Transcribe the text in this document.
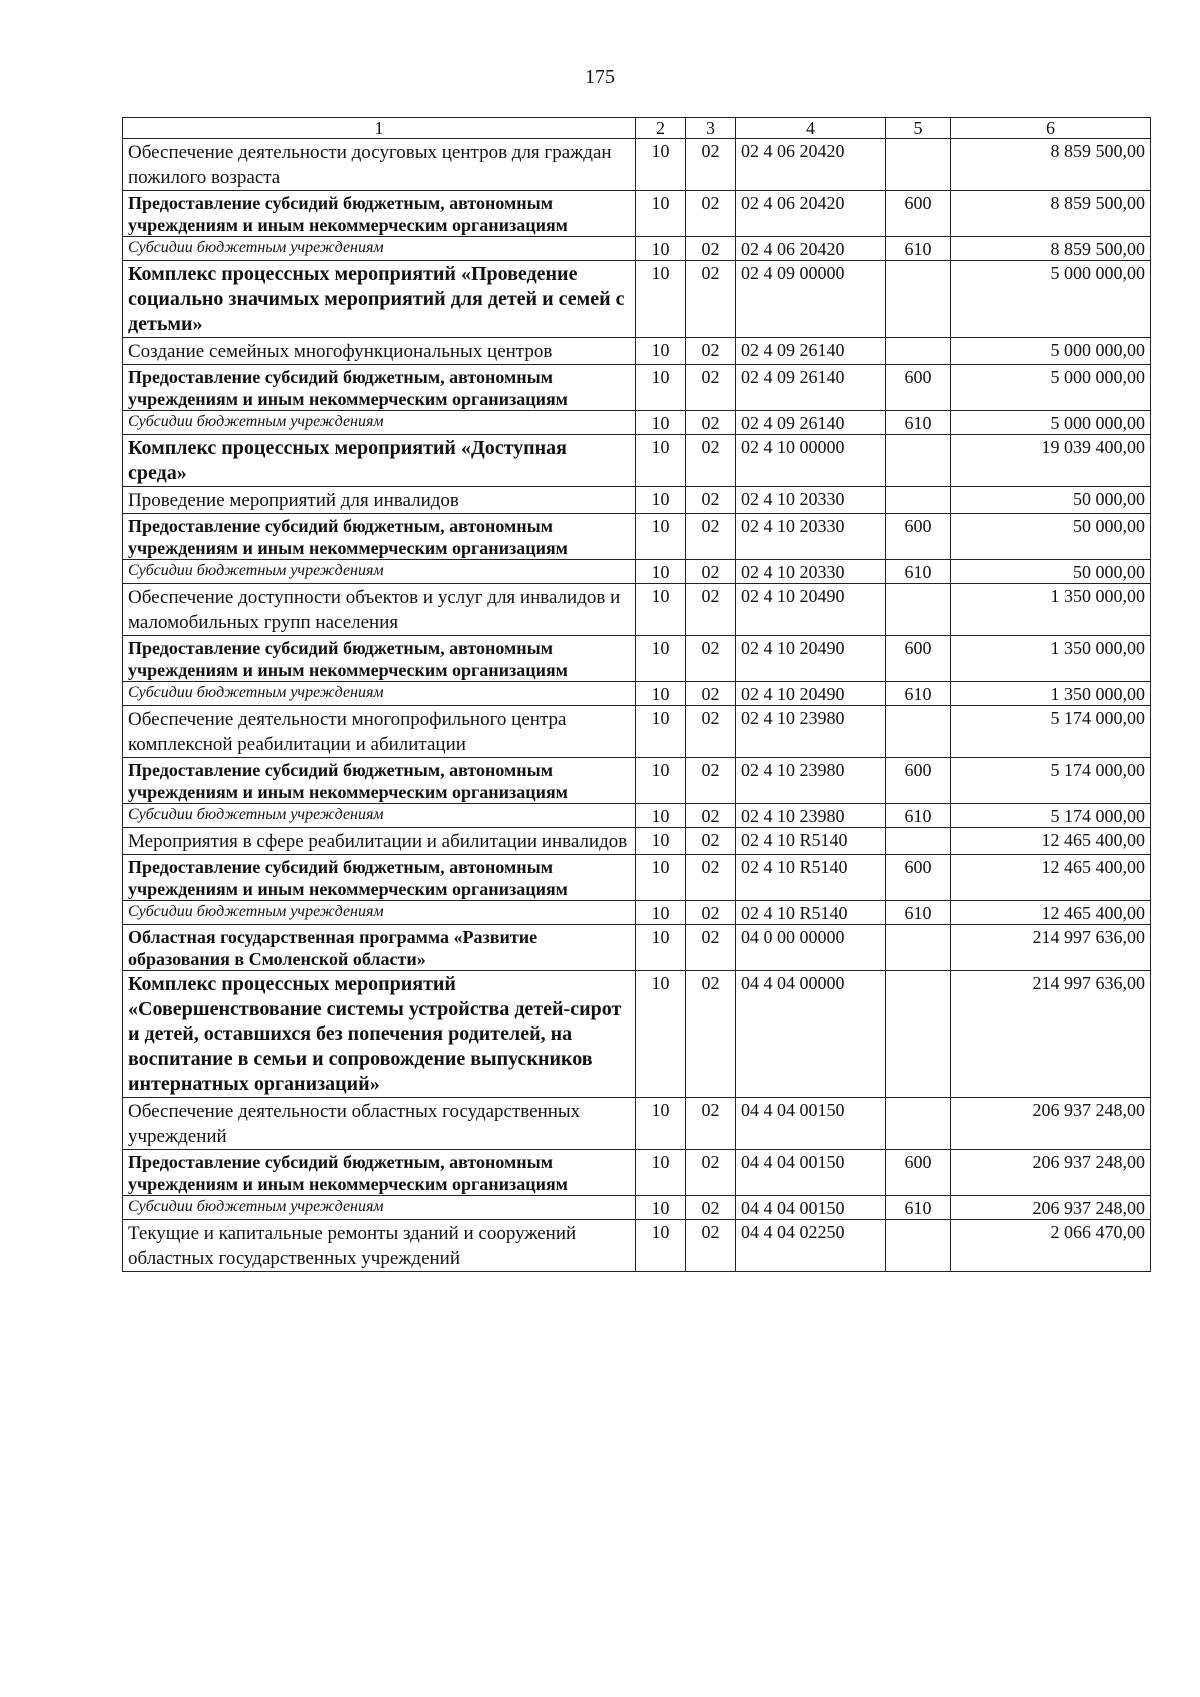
175
1	2	3	4	5	6
Обеспечение деятельности досуговых центров для граждан пожилого возраста	10	02	02 4 06 20420		8 859 500,00
Предоставление субсидий бюджетным, автономным учреждениям и иным некоммерческим организациям	10	02	02 4 06 20420	600	8 859 500,00
Субсидии бюджетным учреждениям	10	02	02 4 06 20420	610	8 859 500,00
Комплекс процессных мероприятий «Проведение социально значимых мероприятий для детей и семей с детьми»	10	02	02 4 09 00000		5 000 000,00
Создание семейных многофункциональных центров	10	02	02 4 09 26140		5 000 000,00
Предоставление субсидий бюджетным, автономным учреждениям и иным некоммерческим организациям	10	02	02 4 09 26140	600	5 000 000,00
Субсидии бюджетным учреждениям	10	02	02 4 09 26140	610	5 000 000,00
Комплекс процессных мероприятий «Доступная среда»	10	02	02 4 10 00000		19 039 400,00
Проведение мероприятий для инвалидов	10	02	02 4 10 20330		50 000,00
Предоставление субсидий бюджетным, автономным учреждениям и иным некоммерческим организациям	10	02	02 4 10 20330	600	50 000,00
Субсидии бюджетным учреждениям	10	02	02 4 10 20330	610	50 000,00
Обеспечение доступности объектов и услуг для инвалидов и маломобильных групп населения	10	02	02 4 10 20490		1 350 000,00
Предоставление субсидий бюджетным, автономным учреждениям и иным некоммерческим организациям	10	02	02 4 10 20490	600	1 350 000,00
Субсидии бюджетным учреждениям	10	02	02 4 10 20490	610	1 350 000,00
Обеспечение деятельности многопрофильного центра комплексной реабилитации и абилитации	10	02	02 4 10 23980		5 174 000,00
Предоставление субсидий бюджетным, автономным учреждениям и иным некоммерческим организациям	10	02	02 4 10 23980	600	5 174 000,00
Субсидии бюджетным учреждениям	10	02	02 4 10 23980	610	5 174 000,00
Мероприятия в сфере реабилитации и абилитации инвалидов	10	02	02 4 10 R5140		12 465 400,00
Предоставление субсидий бюджетным, автономным учреждениям и иным некоммерческим организациям	10	02	02 4 10 R5140	600	12 465 400,00
Субсидии бюджетным учреждениям	10	02	02 4 10 R5140	610	12 465 400,00
Областная государственная программа «Развитие образования в Смоленской области»	10	02	04 0 00 00000		214 997 636,00
Комплекс процессных мероприятий «Совершенствование системы устройства детей-сирот и детей, оставшихся без попечения родителей, на воспитание в семьи и сопровождение выпускников интернатных организаций»	10	02	04 4 04 00000		214 997 636,00
Обеспечение деятельности областных государственных учреждений	10	02	04 4 04 00150		206 937 248,00
Предоставление субсидий бюджетным, автономным учреждениям и иным некоммерческим организациям	10	02	04 4 04 00150	600	206 937 248,00
Субсидии бюджетным учреждениям	10	02	04 4 04 00150	610	206 937 248,00
Текущие и капитальные ремонты зданий и сооружений областных государственных учреждений	10	02	04 4 04 02250		2 066 470,00
